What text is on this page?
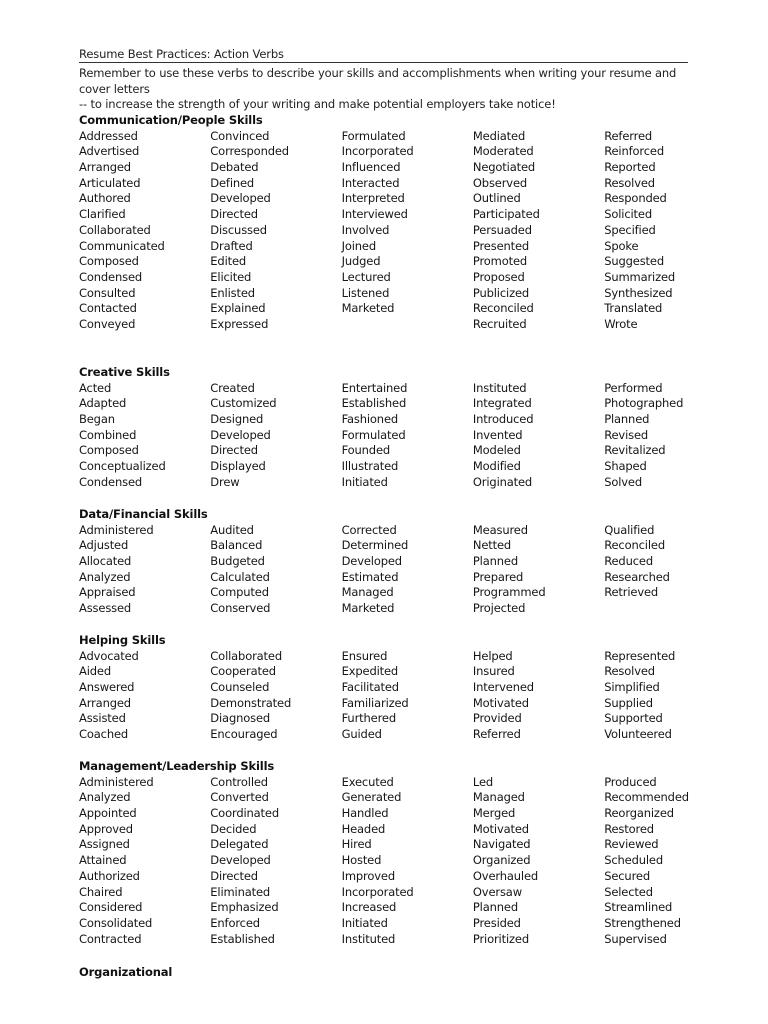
Resume Best Practices: Action Verbs
Remember to use these verbs to describe your skills and accomplishments when writing your resume and cover letters
-- to increase the strength of your writing and make potential employers take notice!
Communication/People Skills
Addressed
Advertised
Arranged
Articulated
Authored
Clarified
Collaborated
Communicated
Composed
Condensed
Consulted
Contacted
Conveyed
Convinced
Corresponded
Debated
Defined
Developed
Directed
Discussed
Drafted
Edited
Elicited
Enlisted
Explained
Expressed
Formulated
Incorporated
Influenced
Interacted
Interpreted
Interviewed
Involved
Joined
Judged
Lectured
Listened
Marketed
Mediated
Moderated
Negotiated
Observed
Outlined
Participated
Persuaded
Presented
Promoted
Proposed
Publicized
Reconciled
Recruited
Referred
Reinforced
Reported
Resolved
Responded
Solicited
Specified
Spoke
Suggested
Summarized
Synthesized
Translated
Wrote
Creative Skills
Acted
Adapted
Began
Combined
Composed
Conceptualized
Condensed
Created
Customized
Designed
Developed
Directed
Displayed
Drew
Entertained
Established
Fashioned
Formulated
Founded
Illustrated
Initiated
Instituted
Integrated
Introduced
Invented
Modeled
Modified
Originated
Performed
Photographed
Planned
Revised
Revitalized
Shaped
Solved
Data/Financial Skills
Administered
Adjusted
Allocated
Analyzed
Appraised
Assessed
Audited
Balanced
Budgeted
Calculated
Computed
Conserved
Corrected
Determined
Developed
Estimated
Managed
Marketed
Measured
Netted
Planned
Prepared
Programmed
Projected
Qualified
Reconciled
Reduced
Researched
Retrieved
Helping Skills
Advocated
Aided
Answered
Arranged
Assisted
Coached
Collaborated
Cooperated
Counseled
Demonstrated
Diagnosed
Encouraged
Ensured
Expedited
Facilitated
Familiarized
Furthered
Guided
Helped
Insured
Intervened
Motivated
Provided
Referred
Represented
Resolved
Simplified
Supplied
Supported
Volunteered
Management/Leadership Skills
Administered
Analyzed
Appointed
Approved
Assigned
Attained
Authorized
Chaired
Considered
Consolidated
Contracted
Controlled
Converted
Coordinated
Decided
Delegated
Developed
Directed
Eliminated
Emphasized
Enforced
Established
Executed
Generated
Handled
Headed
Hired
Hosted
Improved
Incorporated
Increased
Initiated
Instituted
Led
Managed
Merged
Motivated
Navigated
Organized
Overhauled
Oversaw
Planned
Presided
Prioritized
Produced
Recommended
Reorganized
Restored
Reviewed
Scheduled
Secured
Selected
Streamlined
Strengthened
Supervised
Organizational
